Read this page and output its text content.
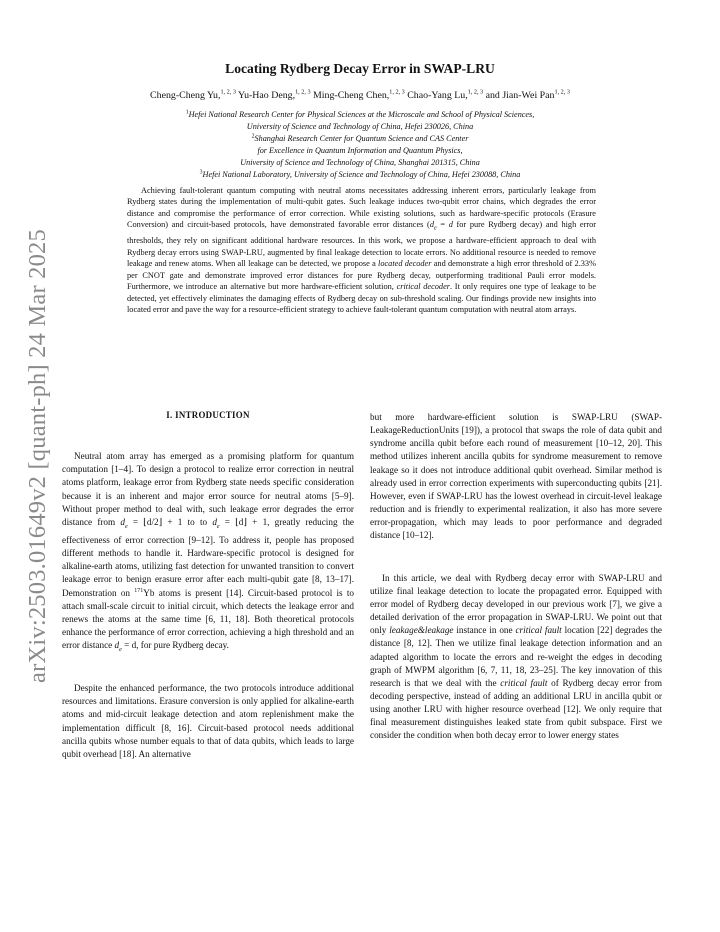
arXiv:2503.01649v2 [quant-ph] 24 Mar 2025
Locating Rydberg Decay Error in SWAP-LRU
Cheng-Cheng Yu,$^{1, 2, 3}$ Yu-Hao Deng,$^{1, 2, 3}$ Ming-Cheng Chen,$^{1, 2, 3}$ Chao-Yang Lu,$^{1, 2, 3}$ and Jian-Wei Pan$^{1, 2, 3}$
$^1$Hefei National Research Center for Physical Sciences at the Microscale and School of Physical Sciences,
University of Science and Technology of China, Hefei 230026, China
$^2$Shanghai Research Center for Quantum Science and CAS Center
for Excellence in Quantum Information and Quantum Physics,
University of Science and Technology of China, Shanghai 201315, China
$^3$Hefei National Laboratory, University of Science and Technology of China, Hefei 230088, China

Achieving fault-tolerant quantum computing with neutral atoms necessitates addressing inherent errors, particularly leakage from Rydberg states during the implementation of multi-qubit gates. Such leakage induces two-qubit error chains, which degrades the error distance and compromise the performance of error correction. While existing solutions, such as hardware-specific protocols (Erasure Conversion) and circuit-based protocols, have demonstrated favorable error distances ($d_e = d$ for pure Rydberg decay) and high error thresholds, they rely on significant additional hardware resources. In this work, we propose a hardware-efficient approach to deal with Rydberg decay errors using SWAP-LRU, augmented by final leakage detection to locate errors. No additional resource is needed to remove leakage and renew atoms. When all leakage can be detected, we propose a located decoder and demonstrate a high error threshold of 2.33% per CNOT gate and demonstrate improved error distances for pure Rydberg decay, outperforming traditional Pauli error models. Furthermore, we introduce an alternative but more hardware-efficient solution, critical decoder. It only requires one type of leakage to be detected, yet effectively eliminates the damaging effects of Rydberg decay on sub-threshold scaling. Our findings provide new insights into located error and pave the way for a resource-efficient strategy to achieve fault-tolerant quantum computation with neutral atom arrays.

I. INTRODUCTION

Neutral atom array has emerged as a promising platform for quantum computation [1–4]. To design a protocol to realize error correction in neutral atoms platform, leakage error from Rydberg state needs specific consideration because it is an inherent and major error source for neutral atoms [5–9]. Without proper method to deal with, such leakage error degrades the error distance from $d_e$ = ⌊d/2⌋ + 1 to to $d_e$ = ⌊d⌋ + 1, greatly reducing the effectiveness of error correction [9–12]. To address it, people has proposed different methods to handle it. Hardware-specific protocol is designed for alkaline-earth atoms, utilizing fast detection for unwanted transition to convert leakage error to benign erasure error after each multi-qubit gate [8, 13–17]. Demonstration on $^{171}$Yb atoms is present [14]. Circuit-based protocol is to attach small-scale circuit to initial circuit, which detects the leakage error and renews the atoms at the same time [6, 11, 18]. Both theoretical protocols enhance the performance of error correction, achieving a high threshold and an error distance $d_e = d$, for pure Rydberg decay.

Despite the enhanced performance, the two protocols introduce additional resources and limitations. Erasure conversion is only applied for alkaline-earth atoms and mid-circuit leakage detection and atom replenishment make the implementation difficult [8, 16]. Circuit-based protocol needs additional ancilla qubits whose number equals to that of data qubits, which leads to large qubit overhead [18]. An alternative

but more hardware-efficient solution is SWAP-LRU (SWAP-LeakageReductionUnits [19]), a protocol that swaps the role of data qubit and syndrome ancilla qubit before each round of measurement [10–12, 20]. This method utilizes inherent ancilla qubits for syndrome measurement to remove leakage so it does not introduce additional qubit overhead. Similar method is already used in error correction experiments with superconducting qubits [21]. However, even if SWAP-LRU has the lowest overhead in circuit-level leakage reduction and is friendly to experimental realization, it also has more severe error-propagation, which may leads to poor performance and degraded distance [10–12].

In this article, we deal with Rydberg decay error with SWAP-LRU and utilize final leakage detection to locate the propagated error. Equipped with error model of Rydberg decay developed in our previous work [7], we give a detailed derivation of the error propagation in SWAP-LRU. We point out that only leakage&leakage instance in one critical fault location [22] degrades the distance [8, 12]. Then we utilize final leakage detection information and an adapted algorithm to locate the errors and re-weight the edges in decoding graph of MWPM algorithm [6, 7, 11, 18, 23–25]. The key innovation of this research is that we deal with the critical fault of Rydberg decay error from decoding perspective, instead of adding an additional LRU in ancilla qubit or using another LRU with higher resource overhead [12]. We only require that final measurement distinguishes leaked state from qubit subspace. First we consider the condition when both decay error to lower energy states
